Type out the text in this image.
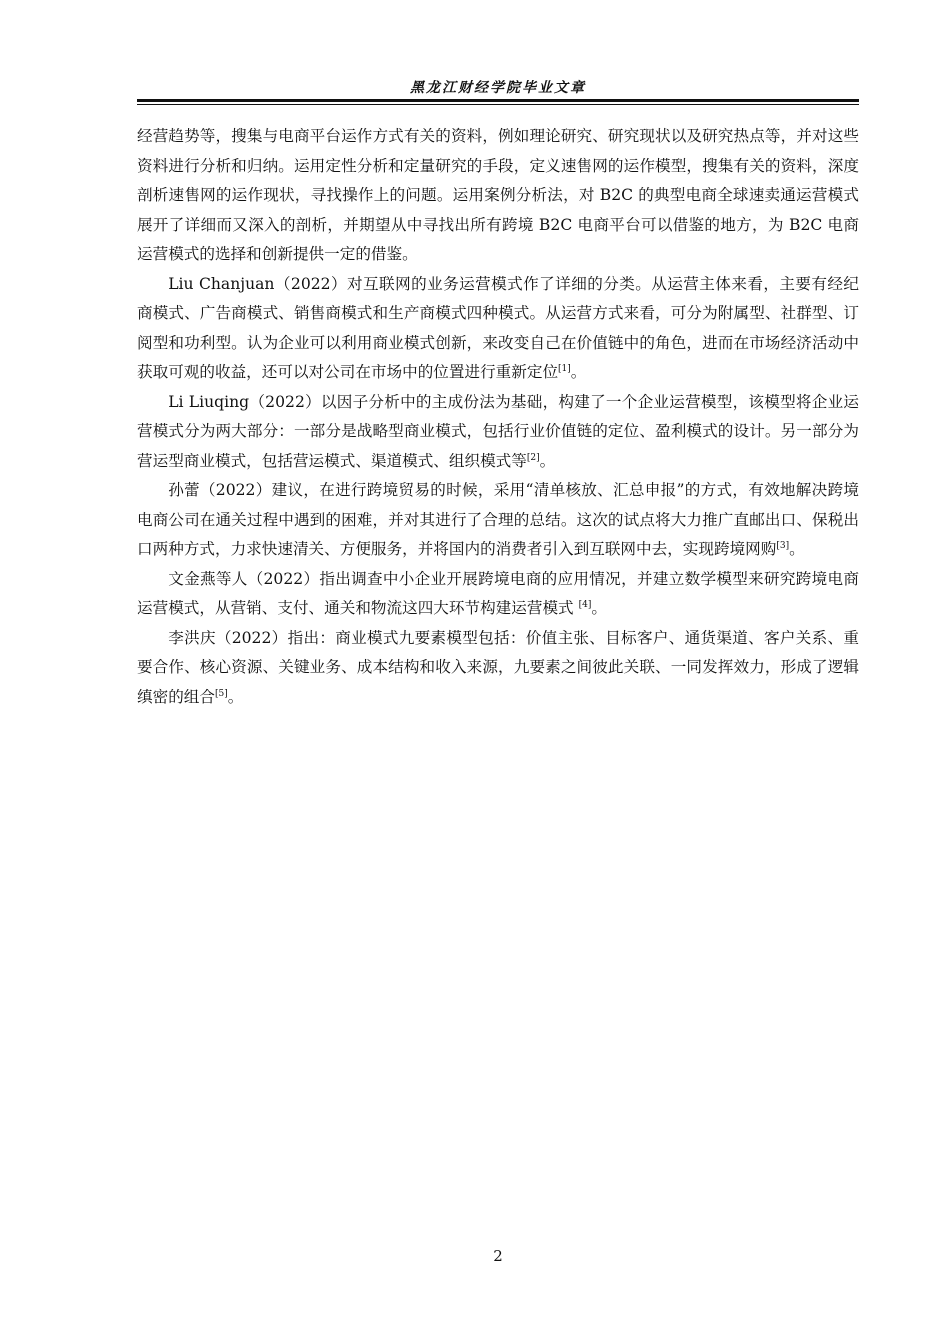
黑龙江财经学院毕业文章

经营趋势等，搜集与电商平台运作方式有关的资料，例如理论研究、研究现状以及研究热点等，并对这些资料进行分析和归纳。运用定性分析和定量研究的手段，定义速售网的运作模型，搜集有关的资料，深度剖析速售网的运作现状，寻找操作上的问题。运用案例分析法，对 B2C 的典型电商全球速卖通运营模式展开了详细而又深入的剖析，并期望从中寻找出所有跨境 B2C 电商平台可以借鉴的地方，为 B2C 电商运营模式的选择和创新提供一定的借鉴。

Liu Chanjuan（2022）对互联网的业务运营模式作了详细的分类。从运营主体来看，主要有经纪商模式、广告商模式、销售商模式和生产商模式四种模式。从运营方式来看，可分为附属型、社群型、订阅型和功利型。认为企业可以利用商业模式创新，来改变自己在价值链中的角色，进而在市场经济活动中获取可观的收益，还可以对公司在市场中的位置进行重新定位[1]。

Li Liuqing（2022）以因子分析中的主成份法为基础，构建了一个企业运营模型，该模型将企业运营模式分为两大部分：一部分是战略型商业模式，包括行业价值链的定位、盈利模式的设计。另一部分为营运型商业模式，包括营运模式、渠道模式、组织模式等[2]。

孙蕾（2022）建议，在进行跨境贸易的时候，采用“清单核放、汇总申报”的方式，有效地解决跨境电商公司在通关过程中遇到的困难，并对其进行了合理的总结。这次的试点将大力推广直邮出口、保税出口两种方式，力求快速清关、方便服务，并将国内的消费者引入到互联网中去，实现跨境网购[3]。

文金燕等人（2022）指出调查中小企业开展跨境电商的应用情况，并建立数学模型来研究跨境电商运营模式，从营销、支付、通关和物流这四大环节构建运营模式 [4]。

李洪庆（2022）指出：商业模式九要素模型包括：价值主张、目标客户、通货渠道、客户关系、重要合作、核心资源、关键业务、成本结构和收入来源，九要素之间彼此关联、一同发挥效力，形成了逻辑缜密的组合[5]。

2
